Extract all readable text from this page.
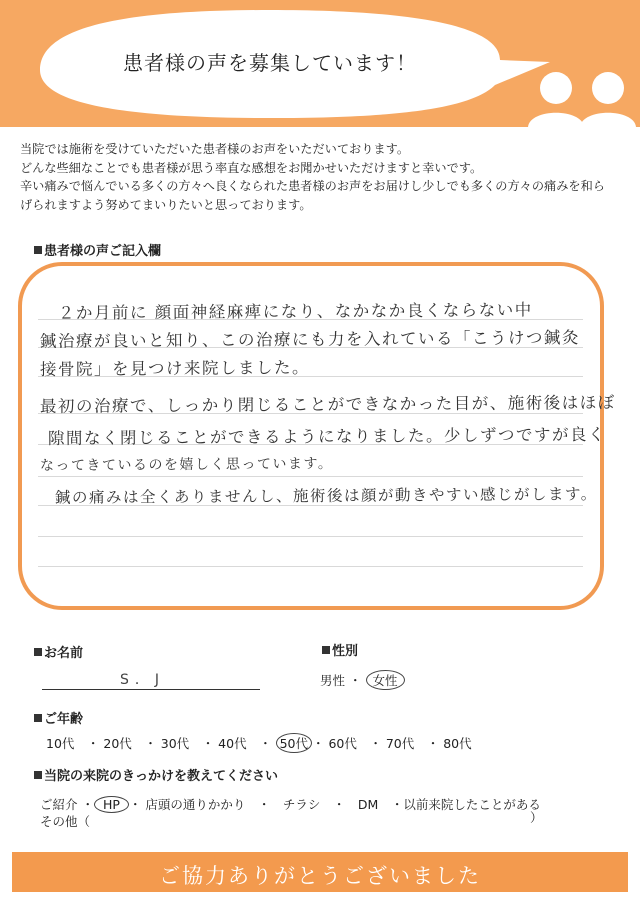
患者様の声を募集しています！
当院では施術を受けていただいた患者様のお声をいただいております。
どんな些細なことでも患者様が思う率直な感想をお聞かせいただけますと幸いです。
辛い痛みで悩んでいる多くの方々へ良くなられた患者様のお声をお届けし少しでも多くの方々の痛みを和ら
げられますよう努めてまいりたいと思っております。
患者様の声ご記入欄
２か月前に 顔面神経麻痺になり、なかなか良くならない中
鍼治療が良いと知り、この治療にも力を入れている「こうけつ鍼灸
接骨院」を見つけ来院しました。
最初の治療で、しっかり閉じることができなかった目が、施術後はほぼ
隙間なく閉じることができるようになりました。少しずつですが良く
なってきているのを嬉しく思っています。
鍼の痛みは全くありませんし、施術後は顔が動きやすい感じがします。
お名前
S．J
性別
男性 ・ 女性
ご年齢
10代　・ 20代　・ 30代　・ 40代　・ 50代 ・ 60代　・ 70代　・ 80代
当院の来院のきっかけを教えてください
ご紹介 ・ HP ・ 店頭の通りかかり　・　チラシ　・　DM　・以前来院したことがある
その他（	）
ご協力ありがとうございました
